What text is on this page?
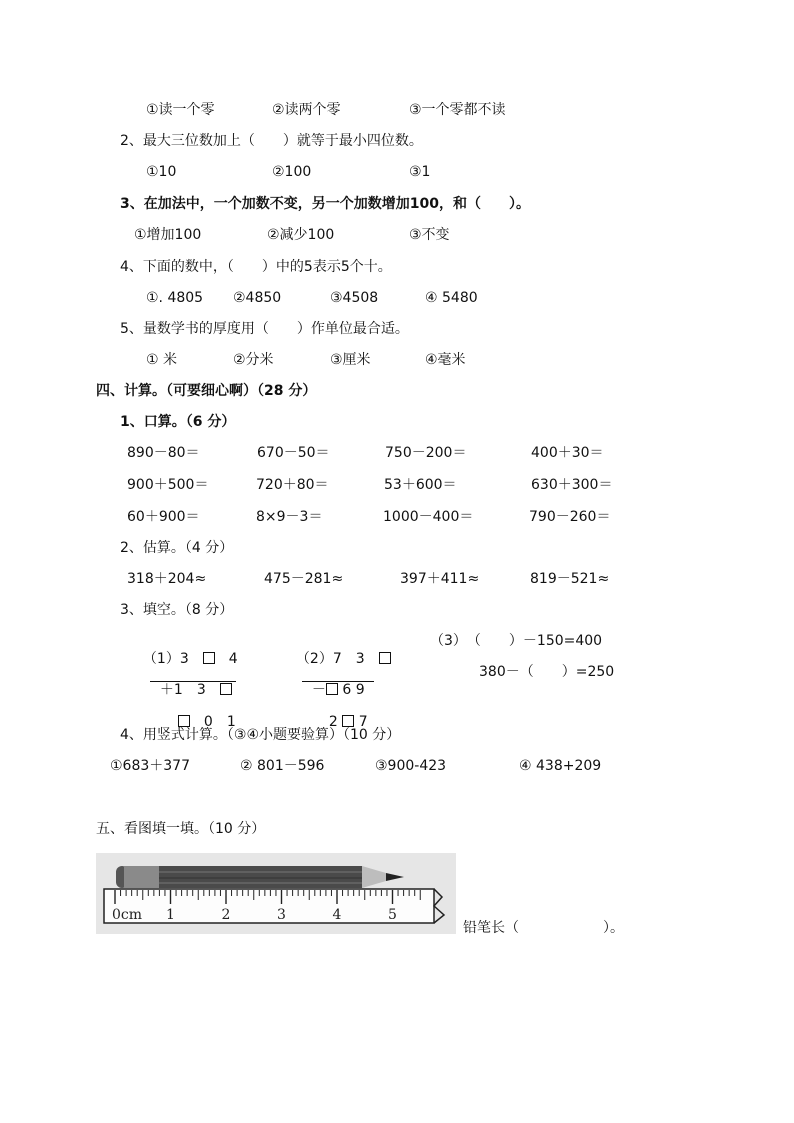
①读一个零	②读两个零	③一个零都不读
2、最大三位数加上（　　）就等于最小四位数。
①10	②100	③1
3、在加法中，一个加数不变，另一个加数增加100，和（　　）。
①增加100	②减少100	③不变
4、下面的数中，（　　）中的5表示5个十。
①. 4805 ②4850	③4508	④ 5480
5、量数学书的厚度用（　　）作单位最合适。
① 米	②分米	③厘米	④毫米
四、计算。（可要细心啊）（28 分）
1、口算。（6 分）
890－80＝	670－50＝	750－200＝	400＋30＝
900＋500＝	720＋80＝	53＋600＝	630＋300＝
60＋900＝	8×9－3＝	1000－400＝	790－260＝
2、估算。（4 分）
318＋204≈	475－281≈	397＋411≈	819－521≈
3、填空。（8 分）

（1）3　　	4

＋1　3　

　0　1

（2）7　3　

－ 6 9

2 7

（3）　（　　）－150=400
380－（　　）=250
4、用竖式计算。（③④小题要验算）（10 分）
①683＋377	② 801－596	③900-423	④ 438+209
五、看图填一填。（10 分）
0cm 1	2	3	4	5
铅笔长（　　　　　　）。
